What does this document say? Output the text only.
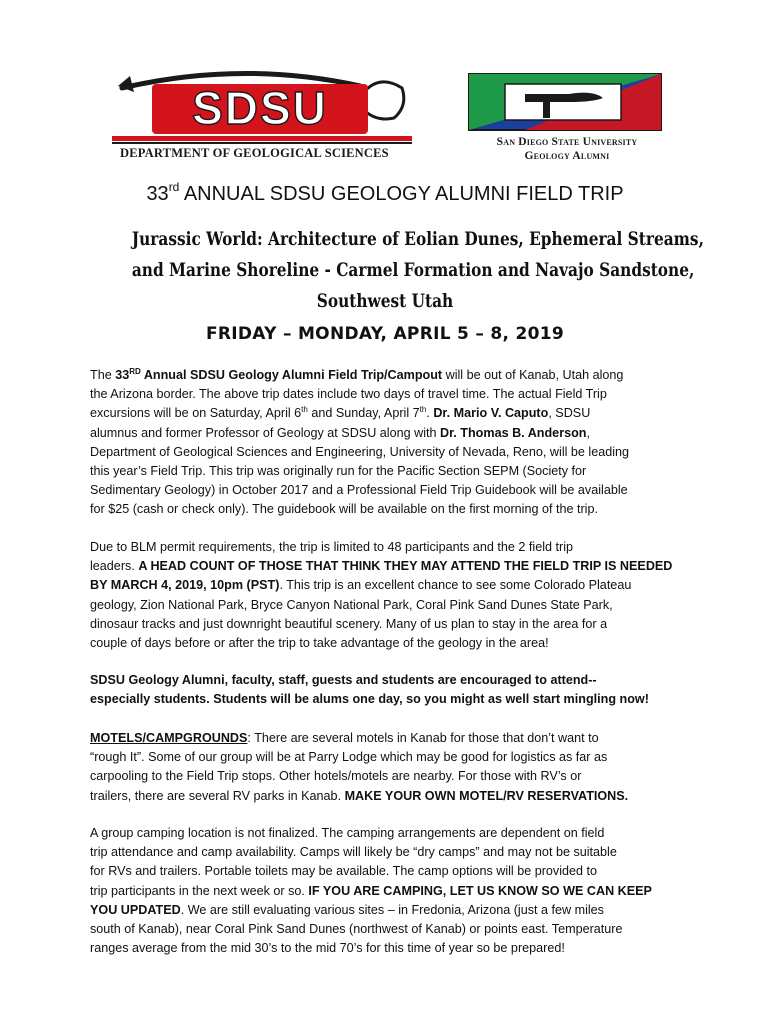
SDSU
DEPARTMENT OF GEOLOGICAL SCIENCES
San Diego State University
Geology Alumni
33rd ANNUAL SDSU GEOLOGY ALUMNI FIELD TRIP
Jurassic World: Architecture of Eolian Dunes, Ephemeral Streams,
and Marine Shoreline - Carmel Formation and Navajo Sandstone,
Southwest Utah
FRIDAY – MONDAY, APRIL 5 – 8, 2019
The 33RD Annual SDSU Geology Alumni Field Trip/Campout will be out of Kanab, Utah along
the Arizona border. The above trip dates include two days of travel time. The actual Field Trip
excursions will be on Saturday, April 6th and Sunday, April 7th. Dr. Mario V. Caputo, SDSU
alumnus and former Professor of Geology at SDSU along with Dr. Thomas B. Anderson,
Department of Geological Sciences and Engineering, University of Nevada, Reno, will be leading
this year’s Field Trip. This trip was originally run for the Pacific Section SEPM (Society for
Sedimentary Geology) in October 2017 and a Professional Field Trip Guidebook will be available
for $25 (cash or check only). The guidebook will be available on the first morning of the trip.
Due to BLM permit requirements, the trip is limited to 48 participants and the 2 field trip
leaders. A HEAD COUNT OF THOSE THAT THINK THEY MAY ATTEND THE FIELD TRIP IS NEEDED
BY MARCH 4, 2019, 10pm (PST). This trip is an excellent chance to see some Colorado Plateau
geology, Zion National Park, Bryce Canyon National Park, Coral Pink Sand Dunes State Park,
dinosaur tracks and just downright beautiful scenery. Many of us plan to stay in the area for a
couple of days before or after the trip to take advantage of the geology in the area!
SDSU Geology Alumni, faculty, staff, guests and students are encouraged to attend--
especially students. Students will be alums one day, so you might as well start mingling now!
MOTELS/CAMPGROUNDS: There are several motels in Kanab for those that don’t want to
“rough It”. Some of our group will be at Parry Lodge which may be good for logistics as far as
carpooling to the Field Trip stops. Other hotels/motels are nearby. For those with RV’s or
trailers, there are several RV parks in Kanab. MAKE YOUR OWN MOTEL/RV RESERVATIONS.
A group camping location is not finalized. The camping arrangements are dependent on field
trip attendance and camp availability. Camps will likely be “dry camps” and may not be suitable
for RVs and trailers. Portable toilets may be available. The camp options will be provided to
trip participants in the next week or so. IF YOU ARE CAMPING, LET US KNOW SO WE CAN KEEP
YOU UPDATED. We are still evaluating various sites – in Fredonia, Arizona (just a few miles
south of Kanab), near Coral Pink Sand Dunes (northwest of Kanab) or points east. Temperature
ranges average from the mid 30’s to the mid 70’s for this time of year so be prepared!
